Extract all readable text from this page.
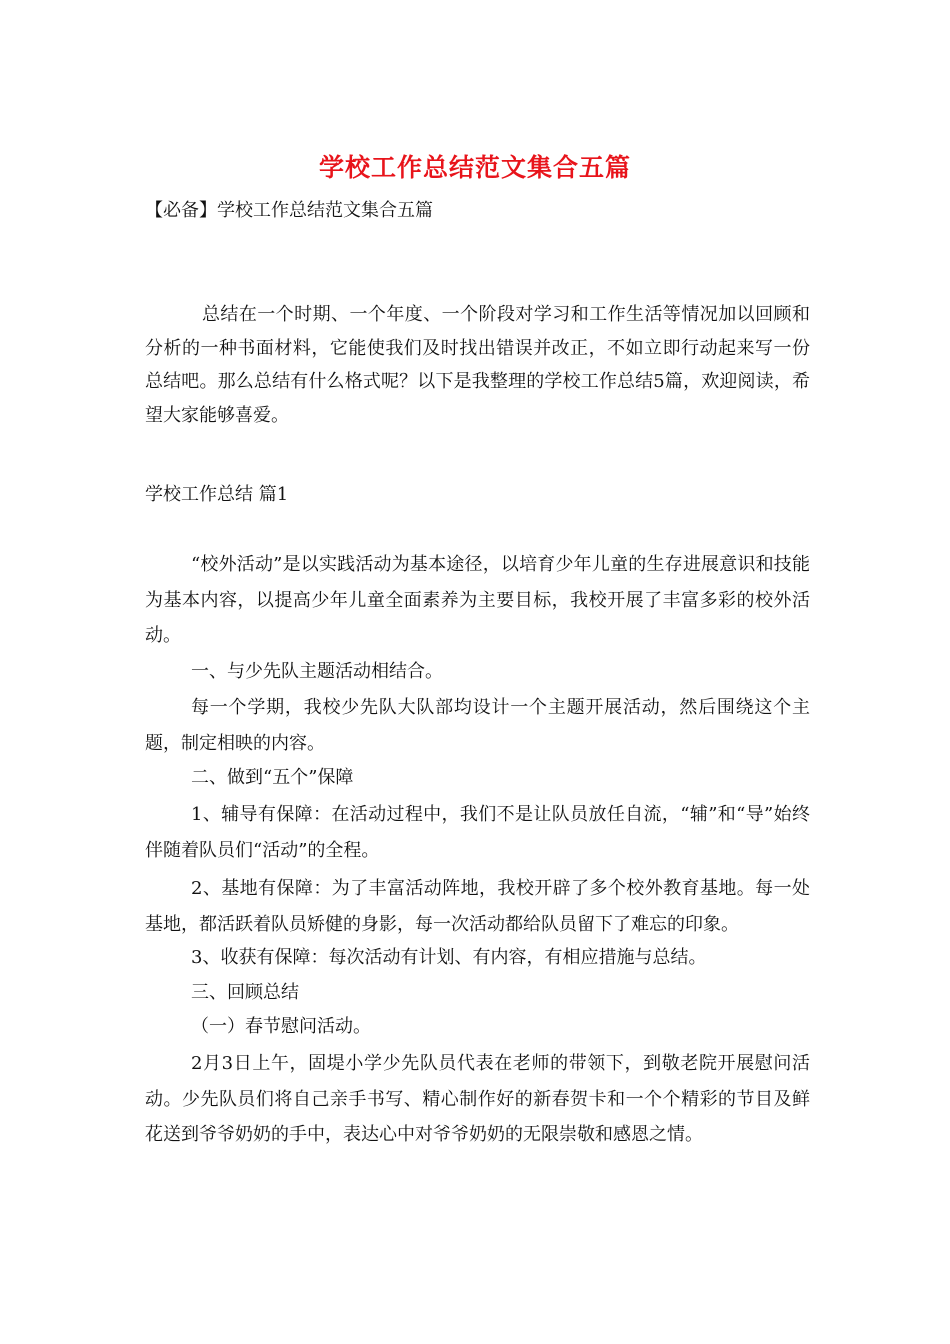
学校工作总结范文集合五篇
【必备】学校工作总结范文集合五篇

总结在一个时期、一个年度、一个阶段对学习和工作生活等情况加以回顾和分析的一种书面材料，它能使我们及时找出错误并改正，不如立即行动起来写一份总结吧。那么总结有什么格式呢？以下是我整理的学校工作总结5篇，欢迎阅读，希望大家能够喜爱。

学校工作总结 篇1

“校外活动”是以实践活动为基本途径，以培育少年儿童的生存进展意识和技能为基本内容，以提高少年儿童全面素养为主要目标，我校开展了丰富多彩的校外活动。

一、与少先队主题活动相结合。

每一个学期，我校少先队大队部均设计一个主题开展活动，然后围绕这个主题，制定相映的内容。

二、做到“五个”保障

1、辅导有保障：在活动过程中，我们不是让队员放任自流，“辅”和“导”始终伴随着队员们“活动”的全程。

2、基地有保障：为了丰富活动阵地，我校开辟了多个校外教育基地。每一处基地，都活跃着队员矫健的身影，每一次活动都给队员留下了难忘的印象。

3、收获有保障：每次活动有计划、有内容，有相应措施与总结。

三、回顾总结

（一）春节慰问活动。

2月3日上午，固堤小学少先队员代表在老师的带领下，到敬老院开展慰问活动。少先队员们将自己亲手书写、精心制作好的新春贺卡和一个个精彩的节目及鲜花送到爷爷奶奶的手中，表达心中对爷爷奶奶的无限崇敬和感恩之情。
